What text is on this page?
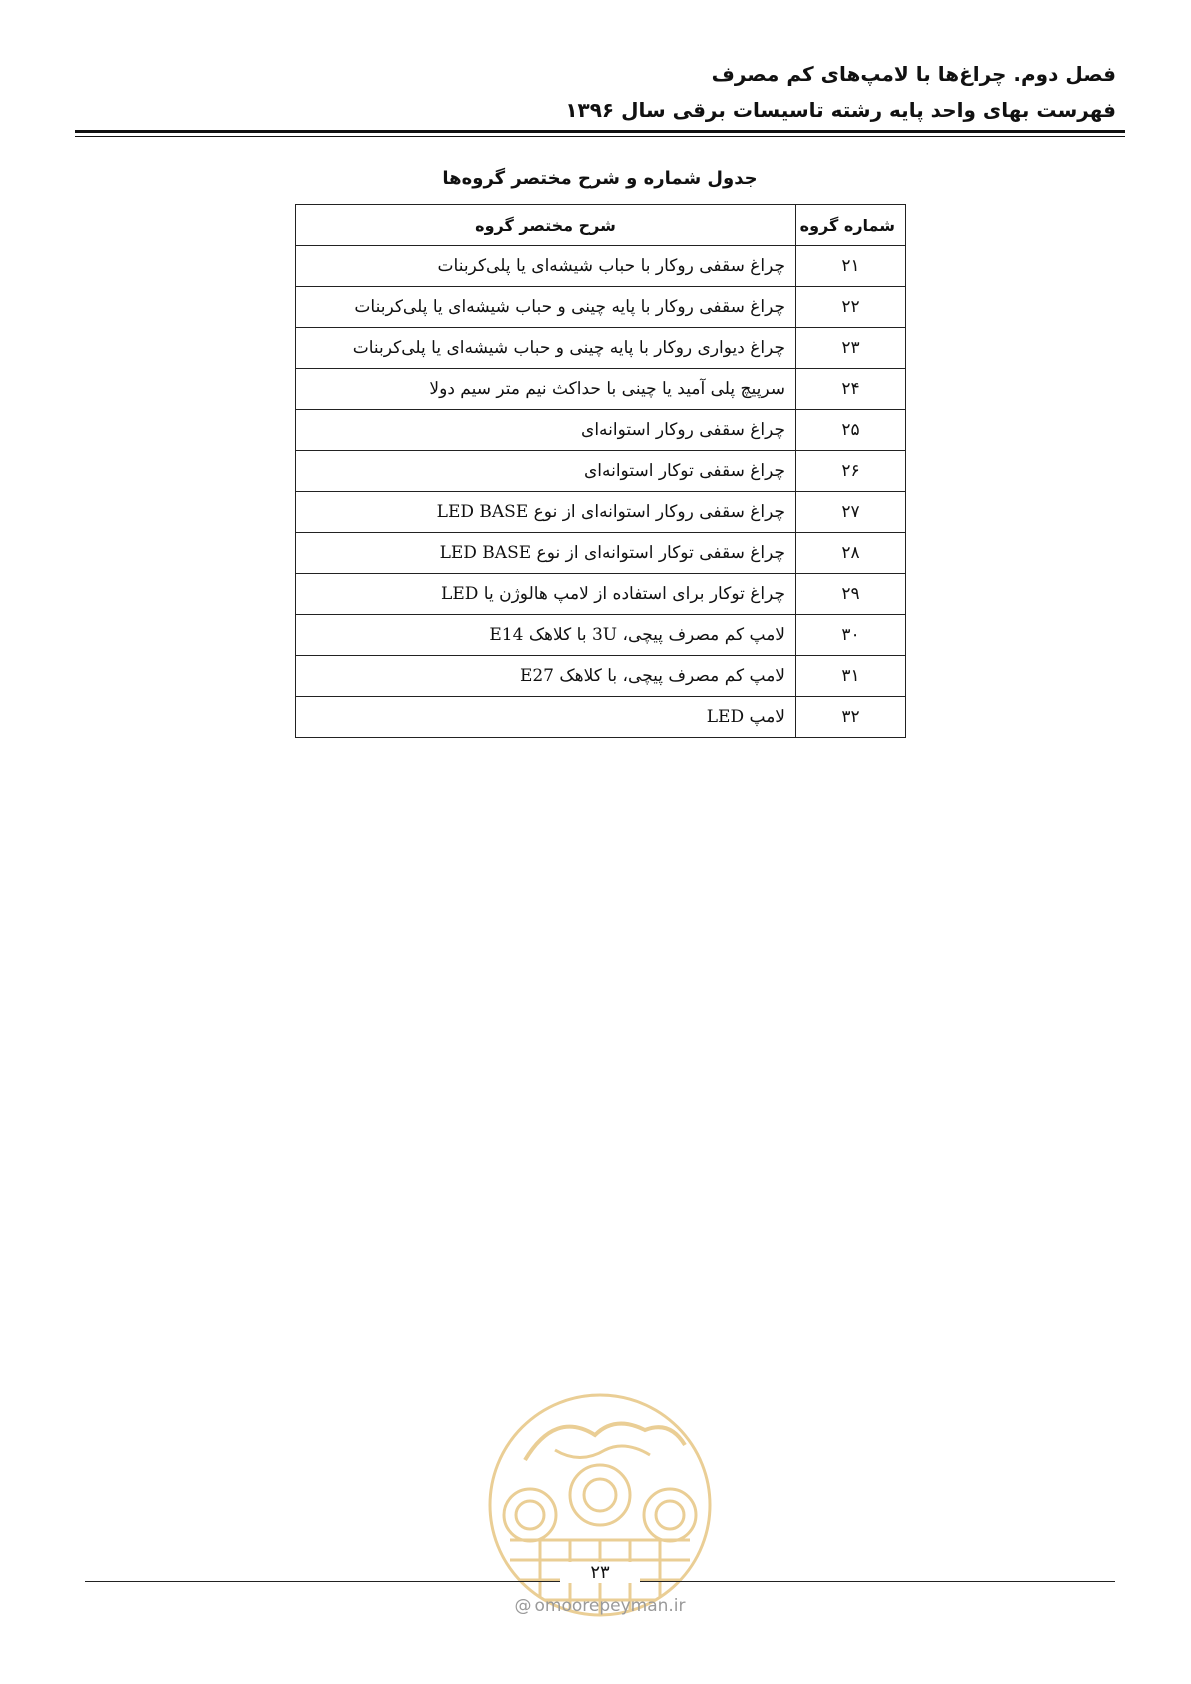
فصل دوم. چراغ‌ها با لامپ‌های کم مصرف
فهرست بهای واحد پایه رشته تاسیسات برقی سال ۱۳۹۶
جدول شماره و شرح مختصر گروه‌ها
شماره گروه	شرح مختصر گروه
۲۱	چراغ سقفی روکار با حباب شیشه‌ای یا پلی‌کربنات
۲۲	چراغ سقفی روکار با پایه چینی و حباب شیشه‌ای یا پلی‌کربنات
۲۳	چراغ دیواری روکار با پایه چینی و حباب شیشه‌ای یا پلی‌کربنات
۲۴	سرپیچ پلی آمید یا چینی با حداکث نیم متر سیم دولا
۲۵	چراغ سقفی روکار استوانه‌ای
۲۶	چراغ سقفی توکار استوانه‌ای
۲۷	چراغ سقفی روکار استوانه‌ای از نوع LED BASE
۲۸	چراغ سقفی توکار استوانه‌ای از نوع LED BASE
۲۹	چراغ توکار برای استفاده از لامپ هالوژن یا LED
۳۰	لامپ کم مصرف پیچی، 3U با کلاهک E14
۳۱	لامپ کم مصرف پیچی، با کلاهک E27
۳۲	لامپ LED
۲۳
@ omoorepeyman.ir
